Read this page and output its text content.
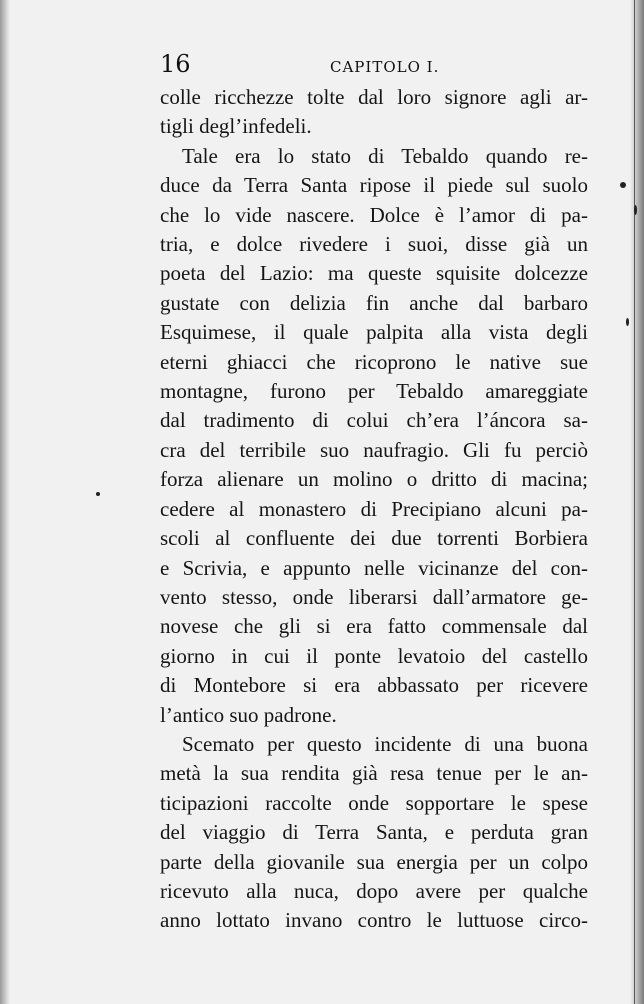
16	CAPITOLO I.
colle ricchezze tolte dal loro signore agli ar-
tigli degl’infedeli.
Tale era lo stato di Tebaldo quando re-
duce da Terra Santa ripose il piede sul suolo
che lo vide nascere. Dolce è l’amor di pa-
tria, e dolce rivedere i suoi, disse già un
poeta del Lazio: ma queste squisite dolcezze
gustate con delizia fin anche dal barbaro
Esquimese, il quale palpita alla vista degli
eterni ghiacci che ricoprono le native sue
montagne, furono per Tebaldo amareggiate
dal tradimento di colui ch’era l’áncora sa-
cra del terribile suo naufragio. Gli fu perciò
forza alienare un molino o dritto di macina;
cedere al monastero di Precipiano alcuni pa-
scoli al confluente dei due torrenti Borbiera
e Scrivia, e appunto nelle vicinanze del con-
vento stesso, onde liberarsi dall’armatore ge-
novese che gli si era fatto commensale dal
giorno in cui il ponte levatoio del castello
di Montebore si era abbassato per ricevere
l’antico suo padrone.
Scemato per questo incidente di una buona
metà la sua rendita già resa tenue per le an-
ticipazioni raccolte onde sopportare le spese
del viaggio di Terra Santa, e perduta gran
parte della giovanile sua energia per un colpo
ricevuto alla nuca, dopo avere per qualche
anno lottato invano contro le luttuose circo-
